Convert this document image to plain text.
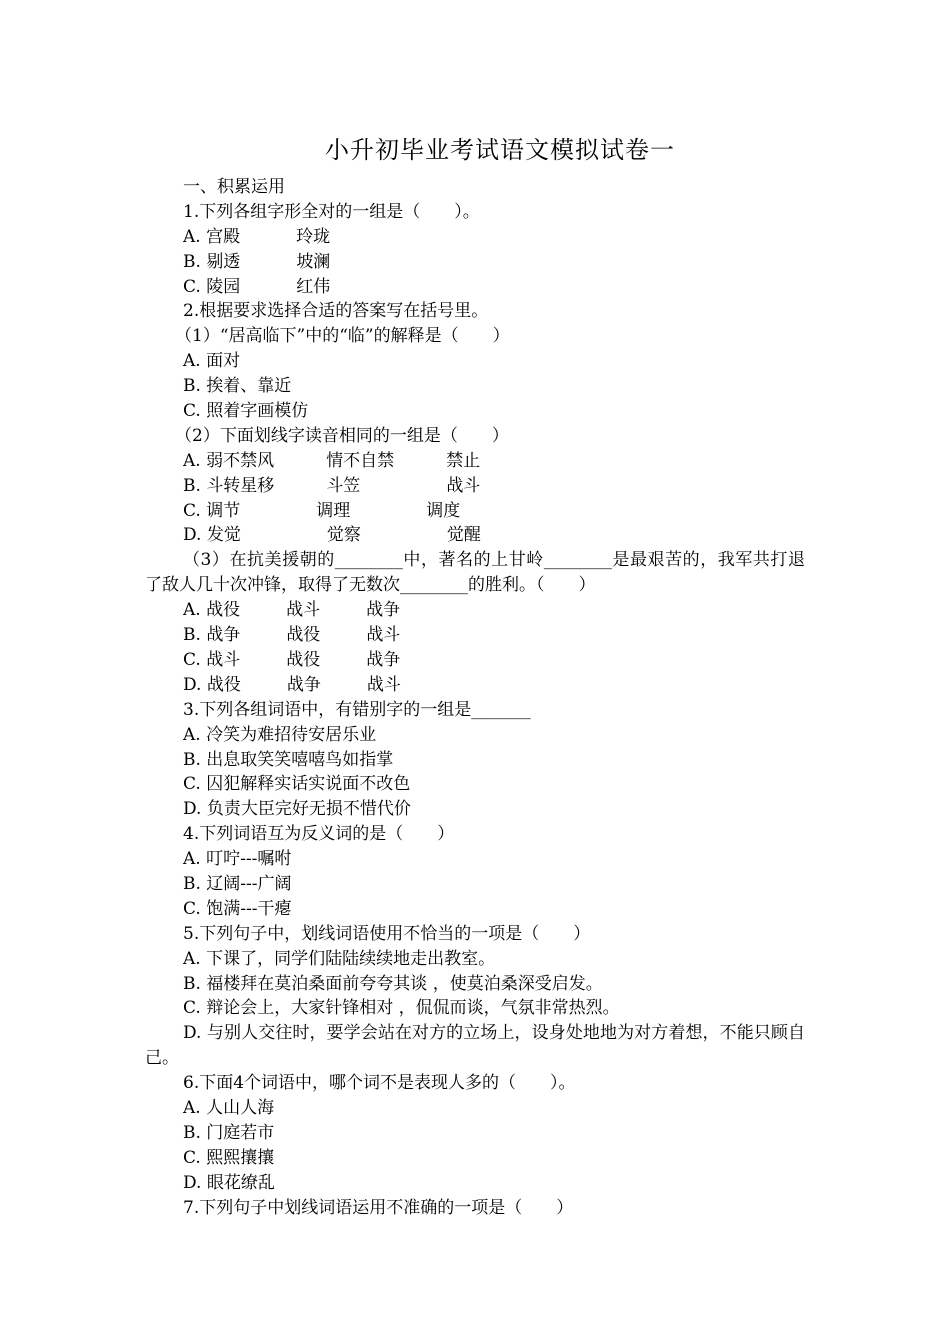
小升初毕业考试语文模拟试卷一
一、积累运用
1.下列各组字形全对的一组是（　　）。
A. 宫殿	玲珑
B. 剔透	坡澜
C. 陵园	红伟
2.根据要求选择合适的答案写在括号里。
（1）“居高临下”中的“临”的解释是（　　）
A. 面对
B. 挨着、靠近
C. 照着字画模仿
（2）下面划线字读音相同的一组是（　　）
A. 弱不禁风	情不自禁	禁止
B. 斗转星移	斗笠	战斗
C. 调节	调理	调度
D. 发觉	觉察	觉醒
（3）在抗美援朝的________中，著名的上甘岭________是最艰苦的，我军共打退了敌人几十次冲锋，取得了无数次________的胜利。（　　）
A. 战役	战斗	战争
B. 战争	战役	战斗
C. 战斗	战役	战争
D. 战役	战争	战斗
3.下列各组词语中，有错别字的一组是_______
A. 冷笑为难招待安居乐业
B. 出息取笑笑嘻嘻鸟如指掌
C. 囚犯解释实话实说面不改色
D. 负责大臣完好无损不惜代价
4.下列词语互为反义词的是（　　）
A. 叮咛---嘱咐
B. 辽阔---广阔
C. 饱满---干瘪
5.下列句子中，划线词语使用不恰当的一项是（　　）
A. 下课了，同学们陆陆续续地走出教室。
B. 福楼拜在莫泊桑面前夸夸其谈 ，使莫泊桑深受启发。
C. 辩论会上，大家针锋相对 ，侃侃而谈，气氛非常热烈。
D. 与别人交往时，要学会站在对方的立场上，设身处地地为对方着想，不能只顾自己。
6.下面4个词语中，哪个词不是表现人多的（　　）。
A. 人山人海
B. 门庭若市
C. 熙熙攘攘
D. 眼花缭乱
7.下列句子中划线词语运用不准确的一项是（　　）
